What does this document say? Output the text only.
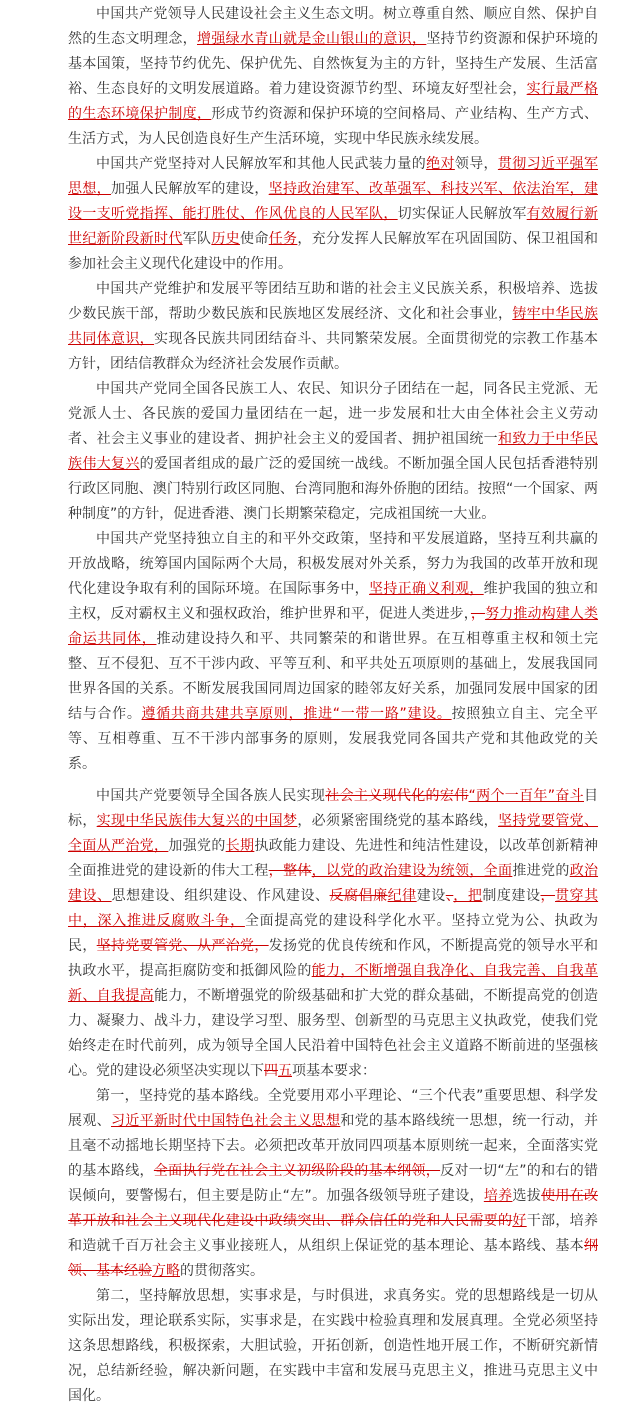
中国共产党领导人民建设社会主义生态文明。树立尊重自然、顺应自然、保护自然的生态文明理念，增强绿水青山就是金山银山的意识，坚持节约资源和保护环境的基本国策，坚持节约优先、保护优先、自然恢复为主的方针，坚持生产发展、生活富裕、生态良好的文明发展道路。着力建设资源节约型、环境友好型社会，实行最严格的生态环境保护制度，形成节约资源和保护环境的空间格局、产业结构、生产方式、生活方式，为人民创造良好生产生活环境，实现中华民族永续发展。

中国共产党坚持对人民解放军和其他人民武装力量的绝对领导，贯彻习近平强军思想，加强人民解放军的建设，坚持政治建军、改革强军、科技兴军、依法治军，建设一支听党指挥、能打胜仗、作风优良的人民军队，切实保证人民解放军有效履行新世纪新阶段新时代军队历史使命任务，充分发挥人民解放军在巩固国防、保卫祖国和参加社会主义现代化建设中的作用。

中国共产党维护和发展平等团结互助和谐的社会主义民族关系，积极培养、选拔少数民族干部，帮助少数民族和民族地区发展经济、文化和社会事业，铸牢中华民族共同体意识，实现各民族共同团结奋斗、共同繁荣发展。全面贯彻党的宗教工作基本方针，团结信教群众为经济社会发展作贡献。

中国共产党同全国各民族工人、农民、知识分子团结在一起，同各民主党派、无党派人士、各民族的爱国力量团结在一起，进一步发展和壮大由全体社会主义劳动者、社会主义事业的建设者、拥护社会主义的爱国者、拥护祖国统一和致力于中华民族伟大复兴的爱国者组成的最广泛的爱国统一战线。不断加强全国人民包括香港特别行政区同胞、澳门特别行政区同胞、台湾同胞和海外侨胞的团结。按照“一个国家、两种制度”的方针，促进香港、澳门长期繁荣稳定，完成祖国统一大业。

中国共产党坚持独立自主的和平外交政策，坚持和平发展道路，坚持互利共赢的开放战略，统筹国内国际两个大局，积极发展对外关系，努力为我国的改革开放和现代化建设争取有利的国际环境。在国际事务中，坚持正确义利观，维护我国的独立和主权，反对霸权主义和强权政治，维护世界和平，促进人类进步，，努力推动构建人类命运共同体，推动建设持久和平、共同繁荣的和谐世界。在互相尊重主权和领土完整、互不侵犯、互不干涉内政、平等互利、和平共处五项原则的基础上，发展我国同世界各国的关系。不断发展我国同周边国家的睦邻友好关系，加强同发展中国家的团结与合作。遵循共商共建共享原则，推进“一带一路”建设。按照独立自主、完全平等、互相尊重、互不干涉内部事务的原则，发展我党同各国共产党和其他政党的关系。

中国共产党要领导全国各族人民实现社会主义现代化的宏伟“两个一百年”奋斗目标，实现中华民族伟大复兴的中国梦，必须紧密围绕党的基本路线，坚持党要管党、全面从严治党，加强党的长期执政能力建设、先进性和纯洁性建设，以改革创新精神全面推进党的建设新的伟大工程，整体，以党的政治建设为统领，全面推进党的政治建设、思想建设、组织建设、作风建设、反腐倡廉纪律建设、，把制度建设，贯穿其中，深入推进反腐败斗争，全面提高党的建设科学化水平。坚持立党为公、执政为民，坚持党要管党、从严治党，发扬党的优良传统和作风，不断提高党的领导水平和执政水平，提高拒腐防变和抵御风险的能力，不断增强自我净化、自我完善、自我革新、自我提高能力，不断增强党的阶级基础和扩大党的群众基础，不断提高党的创造力、凝聚力、战斗力，建设学习型、服务型、创新型的马克思主义执政党，使我们党始终走在时代前列，成为领导全国人民沿着中国特色社会主义道路不断前进的坚强核心。党的建设必须坚决实现以下四五项基本要求：

第一，坚持党的基本路线。全党要用邓小平理论、“三个代表”重要思想、科学发展观、习近平新时代中国特色社会主义思想和党的基本路线统一思想，统一行动，并且毫不动摇地长期坚持下去。必须把改革开放同四项基本原则统一起来，全面落实党的基本路线，全面执行党在社会主义初级阶段的基本纲领，反对一切“左”的和右的错误倾向，要警惕右，但主要是防止“左”。加强各级领导班子建设，培养选拔使用在改革开放和社会主义现代化建设中政绩突出、群众信任的党和人民需要的好干部，培养和造就千百万社会主义事业接班人，从组织上保证党的基本理论、基本路线、基本纲领、基本经验方略的贯彻落实。

第二，坚持解放思想，实事求是，与时俱进，求真务实。党的思想路线是一切从实际出发，理论联系实际，实事求是，在实践中检验真理和发展真理。全党必须坚持这条思想路线，积极探索，大胆试验，开拓创新，创造性地开展工作，不断研究新情况，总结新经验，解决新问题，在实践中丰富和发展马克思主义，推进马克思主义中国化。
